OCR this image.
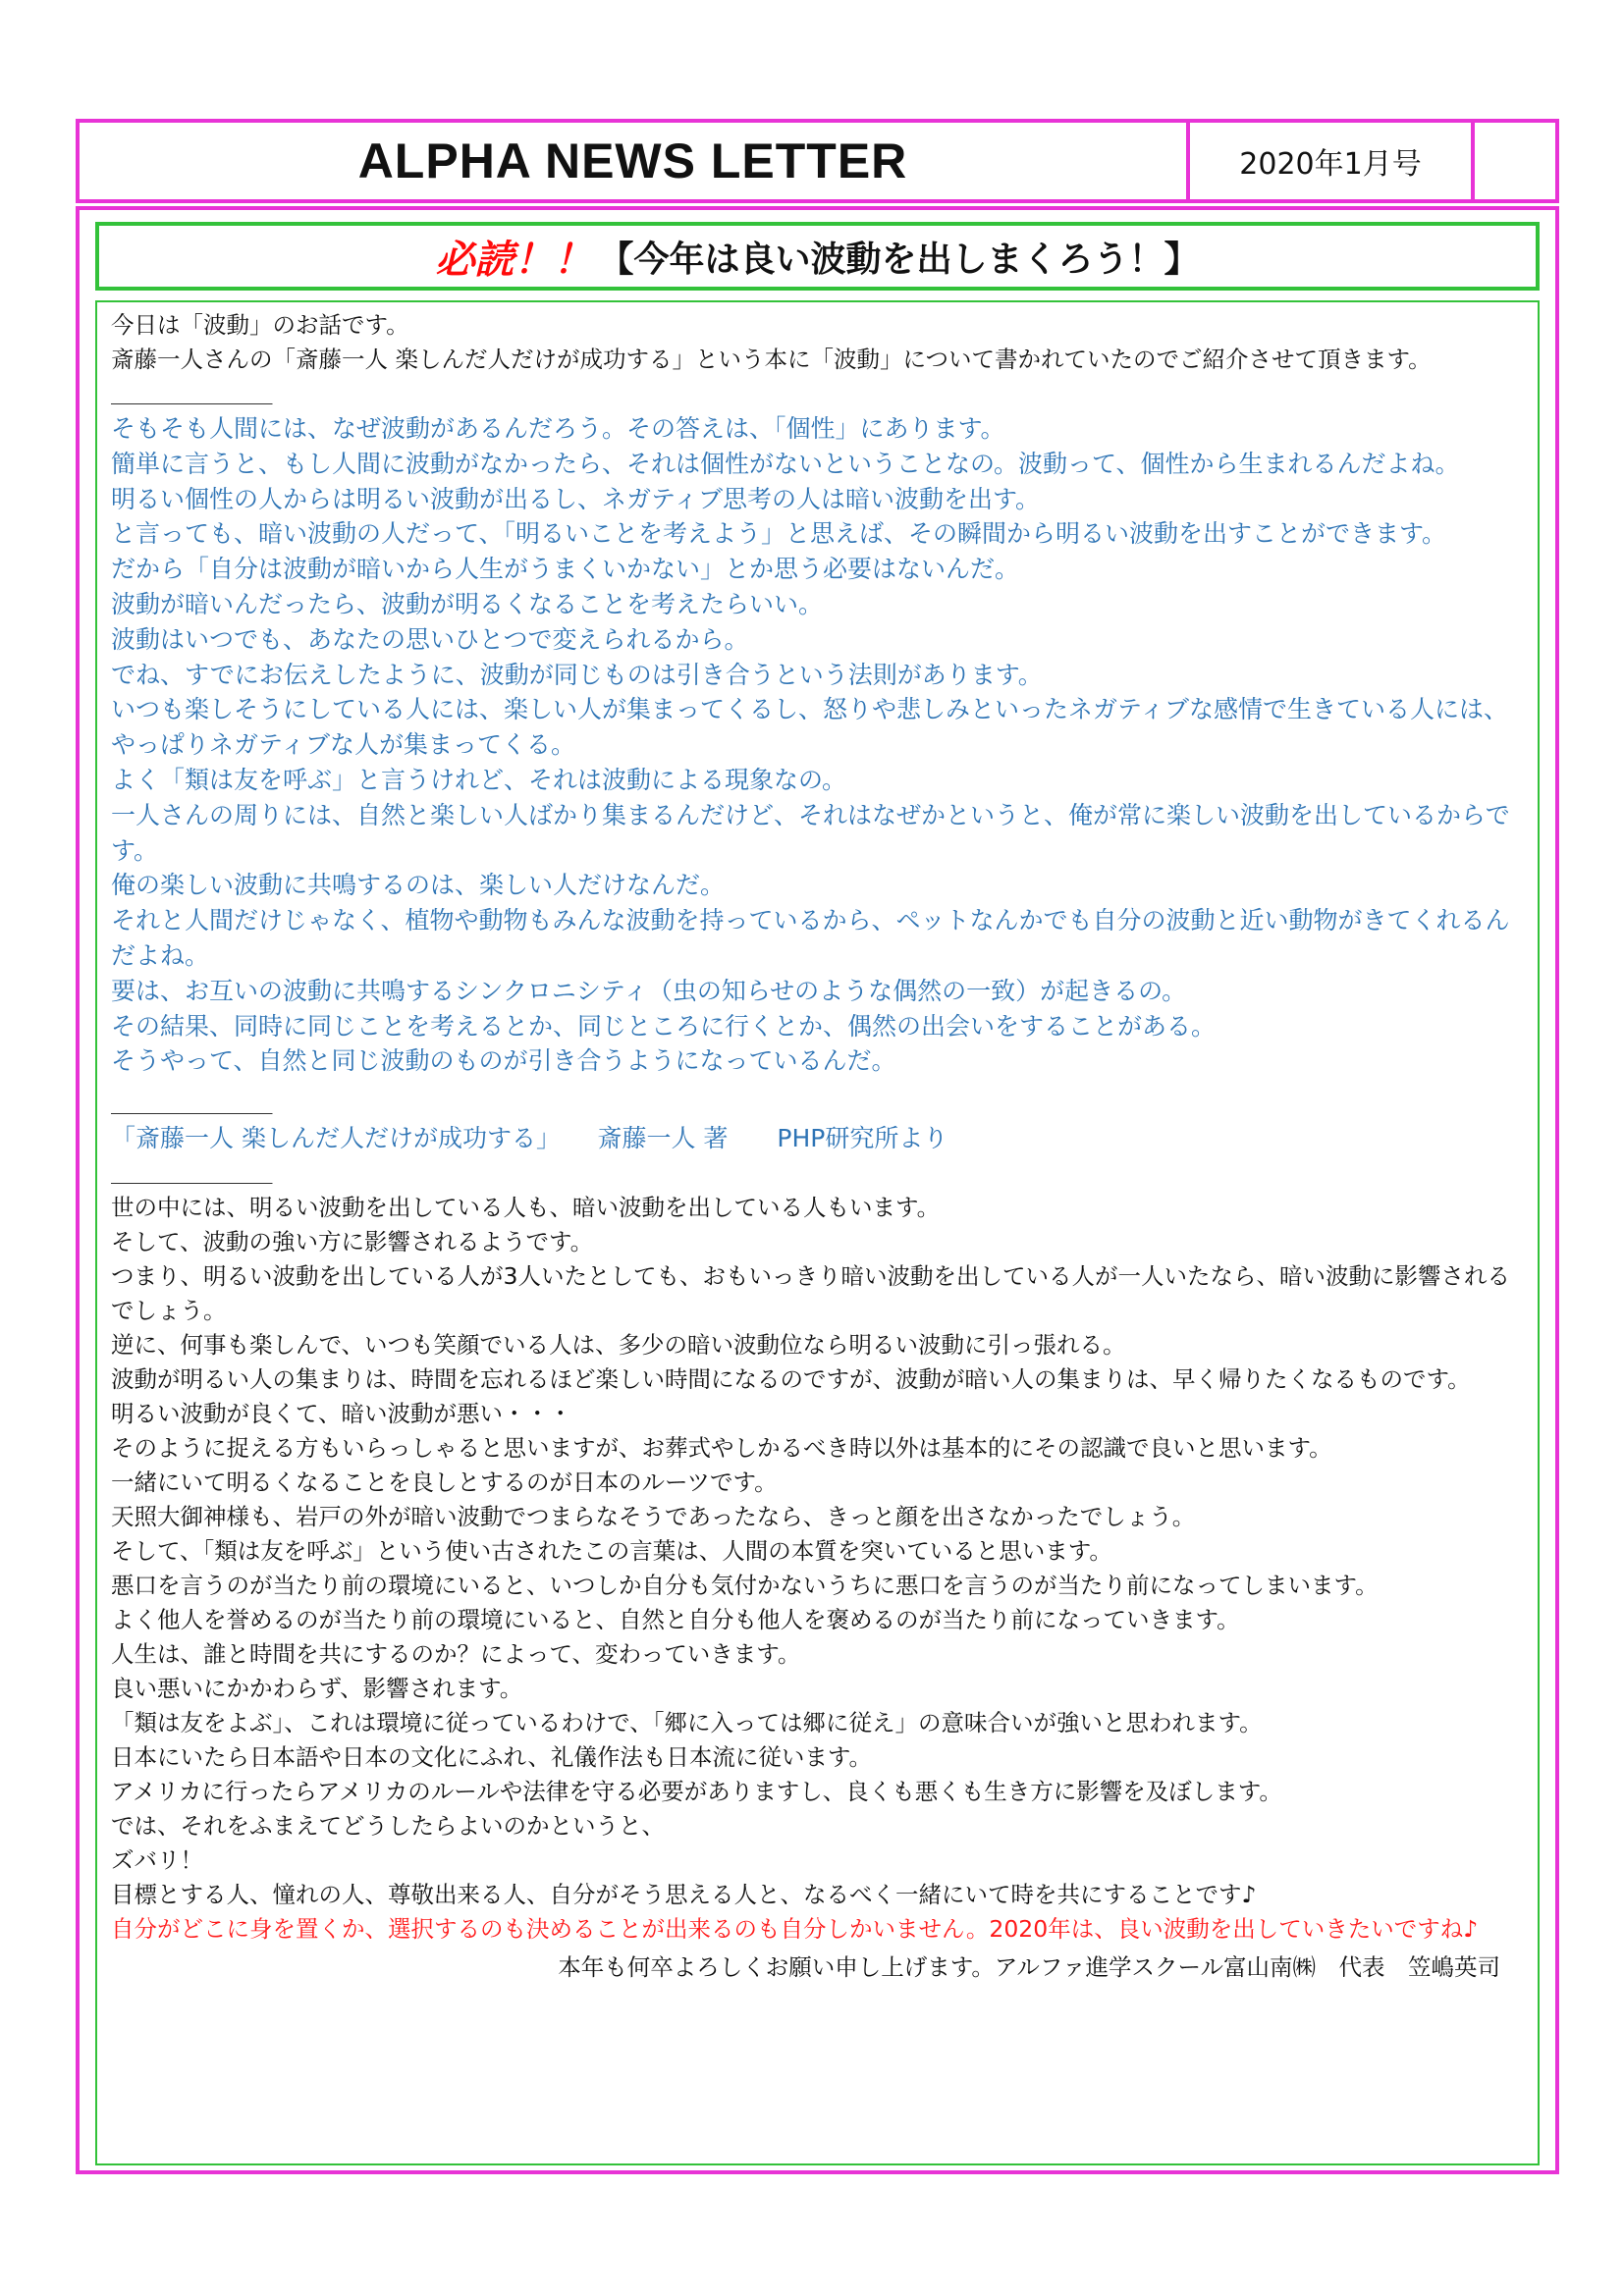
ALPHA NEWS LETTER	2020年1月号
必読！！ 【今年は良い波動を出しまくろう！】

今日は「波動」のお話です。

斎藤一人さんの「斎藤一人 楽しんだ人だけが成功する」という本に「波動」について書かれていたのでご紹介させて頂きます。

＿＿＿＿＿＿＿

そもそも人間には、なぜ波動があるんだろう。その答えは、「個性」にあります。

簡単に言うと、もし人間に波動がなかったら、それは個性がないということなの。波動って、個性から生まれるんだよね。

明るい個性の人からは明るい波動が出るし、ネガティブ思考の人は暗い波動を出す。

と言っても、暗い波動の人だって、「明るいことを考えよう」と思えば、その瞬間から明るい波動を出すことができます。

だから「自分は波動が暗いから人生がうまくいかない」とか思う必要はないんだ。

波動が暗いんだったら、波動が明るくなることを考えたらいい。

波動はいつでも、あなたの思いひとつで変えられるから。

でね、すでにお伝えしたように、波動が同じものは引き合うという法則があります。

いつも楽しそうにしている人には、楽しい人が集まってくるし、怒りや悲しみといったネガティブな感情で生きている人には、やっぱりネガティブな人が集まってくる。

よく「類は友を呼ぶ」と言うけれど、それは波動による現象なの。

一人さんの周りには、自然と楽しい人ばかり集まるんだけど、それはなぜかというと、俺が常に楽しい波動を出しているからです。

俺の楽しい波動に共鳴するのは、楽しい人だけなんだ。

それと人間だけじゃなく、植物や動物もみんな波動を持っているから、ペットなんかでも自分の波動と近い動物がきてくれるんだよね。

要は、お互いの波動に共鳴するシンクロニシティ（虫の知らせのような偶然の一致）が起きるの。

その結果、同時に同じことを考えるとか、同じところに行くとか、偶然の出会いをすることがある。

そうやって、自然と同じ波動のものが引き合うようになっているんだ。

＿＿＿＿＿＿＿

「斎藤一人 楽しんだ人だけが成功する」　　斎藤一人 著　　PHP研究所より

＿＿＿＿＿＿＿

世の中には、明るい波動を出している人も、暗い波動を出している人もいます。

そして、波動の強い方に影響されるようです。

つまり、明るい波動を出している人が3人いたとしても、おもいっきり暗い波動を出している人が一人いたなら、暗い波動に影響されるでしょう。

逆に、何事も楽しんで、いつも笑顔でいる人は、多少の暗い波動位なら明るい波動に引っ張れる。

波動が明るい人の集まりは、時間を忘れるほど楽しい時間になるのですが、波動が暗い人の集まりは、早く帰りたくなるものです。

明るい波動が良くて、暗い波動が悪い・・・

そのように捉える方もいらっしゃると思いますが、お葬式やしかるべき時以外は基本的にその認識で良いと思います。

一緒にいて明るくなることを良しとするのが日本のルーツです。

天照大御神様も、岩戸の外が暗い波動でつまらなそうであったなら、きっと顔を出さなかったでしょう。

そして、「類は友を呼ぶ」という使い古されたこの言葉は、人間の本質を突いていると思います。

悪口を言うのが当たり前の環境にいると、いつしか自分も気付かないうちに悪口を言うのが当たり前になってしまいます。

よく他人を誉めるのが当たり前の環境にいると、自然と自分も他人を褒めるのが当たり前になっていきます。

人生は、誰と時間を共にするのか？によって、変わっていきます。

良い悪いにかかわらず、影響されます。

「類は友をよぶ」、これは環境に従っているわけで、「郷に入っては郷に従え」の意味合いが強いと思われます。

日本にいたら日本語や日本の文化にふれ、礼儀作法も日本流に従います。

アメリカに行ったらアメリカのルールや法律を守る必要がありますし、良くも悪くも生き方に影響を及ぼします。

では、それをふまえてどうしたらよいのかというと、

ズバリ！

目標とする人、憧れの人、尊敬出来る人、自分がそう思える人と、なるべく一緒にいて時を共にすることです♪

自分がどこに身を置くか、選択するのも決めることが出来るのも自分しかいません。2020年は、良い波動を出していきたいですね♪

本年も何卒よろしくお願い申し上げます。アルファ進学スクール富山南㈱　代表　笠嶋英司
